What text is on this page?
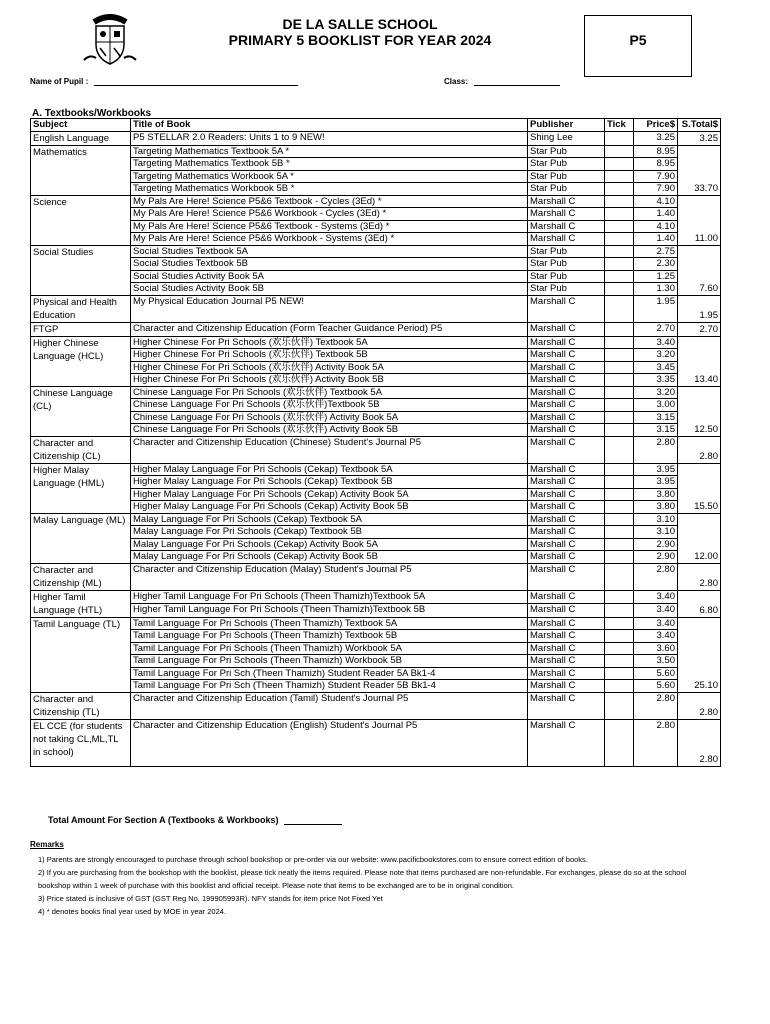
DE LA SALLE SCHOOL
PRIMARY 5 BOOKLIST FOR YEAR 2024	P5
Name of Pupil :	Class:
A. Textbooks/Workbooks
Subject	Title of Book	Publisher	Tick	Price$	S.Total$
English Language	P5 STELLAR 2.0 Readers: Units 1 to 9 NEW!	Shing Lee		3.25	3.25
Mathematics	Targeting Mathematics Textbook 5A *	Star Pub		8.95	33.70
	Targeting Mathematics Textbook 5B *	Star Pub		8.95	
	Targeting Mathematics Workbook 5A *	Star Pub		7.90	
	Targeting Mathematics Workbook 5B *	Star Pub		7.90	
Science	My Pals Are Here! Science P5&6 Textbook - Cycles (3Ed) *	Marshall C		4.10	11.00
	My Pals Are Here! Science P5&6 Workbook - Cycles (3Ed) *	Marshall C		1.40	
	My Pals Are Here! Science P5&6 Textbook - Systems (3Ed) *	Marshall C		4.10	
	My Pals Are Here! Science P5&6 Workbook - Systems (3Ed) *	Marshall C		1.40	
Social Studies	Social Studies Textbook 5A	Star Pub		2.75	7.60
	Social Studies Textbook 5B	Star Pub		2.30	
	Social Studies Activity Book 5A	Star Pub		1.25	
	Social Studies Activity Book 5B	Star Pub		1.30	
Physical and Health Education	My Physical Education Journal P5 NEW!	Marshall C		1.95	1.95
FTGP	Character and Citizenship Education (Form Teacher Guidance Period) P5	Marshall C		2.70	2.70
Higher Chinese Language (HCL)	Higher Chinese For Pri Schools (欢乐伙伴) Textbook 5A	Marshall C		3.40	13.40
	Higher Chinese For Pri Schools (欢乐伙伴) Textbook 5B	Marshall C		3.20	
	Higher Chinese For Pri Schools (欢乐伙伴) Activity Book 5A	Marshall C		3.45	
	Higher Chinese For Pri Schools (欢乐伙伴) Activity Book 5B	Marshall C		3.35	
Chinese Language (CL)	Chinese Language For Pri Schools (欢乐伙伴) Textbook 5A	Marshall C		3.20	12.50
	Chinese Language For Pri Schools (欢乐伙伴)Textbook 5B	Marshall C		3.00	
	Chinese Language For Pri Schools (欢乐伙伴) Activity Book 5A	Marshall C		3.15	
	Chinese Language For Pri Schools (欢乐伙伴) Activity Book 5B	Marshall C		3.15	
Character and Citizenship (CL)	Character and Citizenship Education (Chinese) Student's Journal P5	Marshall C		2.80	2.80
Higher Malay Language (HML)	Higher Malay Language For Pri Schools (Cekap) Textbook 5A	Marshall C		3.95	15.50
	Higher Malay Language For Pri Schools (Cekap) Textbook 5B	Marshall C		3.95	
	Higher Malay Language For Pri Schools (Cekap) Activity Book 5A	Marshall C		3.80	
	Higher Malay Language For Pri Schools (Cekap) Activity Book 5B	Marshall C		3.80	
Malay Language (ML)	Malay Language For Pri Schools (Cekap) Textbook 5A	Marshall C		3.10	12.00
	Malay Language For Pri Schools (Cekap) Textbook 5B	Marshall C		3.10	
	Malay Language For Pri Schools (Cekap) Activity Book 5A	Marshall C		2.90	
	Malay Language For Pri Schools (Cekap) Activity Book 5B	Marshall C		2.90	
Character and Citizenship (ML)	Character and Citizenship Education (Malay) Student's Journal P5	Marshall C		2.80	2.80
Higher Tamil Language (HTL)	Higher Tamil Language For Pri Schools (Theen Thamizh)Textbook 5A	Marshall C		3.40	6.80
	Higher Tamil Language For Pri Schools (Theen Thamizh)Textbook 5B	Marshall C		3.40	
Tamil Language (TL)	Tamil Language For Pri Schools (Theen Thamizh) Textbook 5A	Marshall C		3.40	25.10
	Tamil Language For Pri Schools (Theen Thamizh) Textbook 5B	Marshall C		3.40	
	Tamil Language For Pri Schools (Theen Thamizh) Workbook 5A	Marshall C		3.60	
	Tamil Language For Pri Schools (Theen Thamizh) Workbook 5B	Marshall C		3.50	
	Tamil Language For Pri Sch (Theen Thamizh) Student Reader 5A Bk1-4	Marshall C		5.60	
	Tamil Language For Pri Sch (Theen Thamizh) Student Reader 5B Bk1-4	Marshall C		5.60	
Character and Citizenship (TL)	Character and Citizenship Education (Tamil) Student's Journal P5	Marshall C		2.80	2.80
EL CCE (for students not taking CL,ML,TL in school)	Character and Citizenship Education (English) Student's Journal P5	Marshall C		2.80	2.80
Total Amount For Section A (Textbooks & Workbooks)
Remarks

1) Parents are strongly encouraged to purchase through school bookshop or pre-order via our website: www.pacificbookstores.com to ensure correct edition of books.

2) If you are purchasing from the bookshop with the booklist, please tick neatly the items required. Please note that items purchased are non-refundable. For exchanges, please do so at the school bookshop within 1 week of purchase with this booklist and official receipt. Please note that items to be exchanged are to be in original condition.

3) Price stated is inclusive of GST (GST Reg No. 199905993R). NFY stands for item price Not Fixed Yet

4) * denotes books final year used by MOE in year 2024.
